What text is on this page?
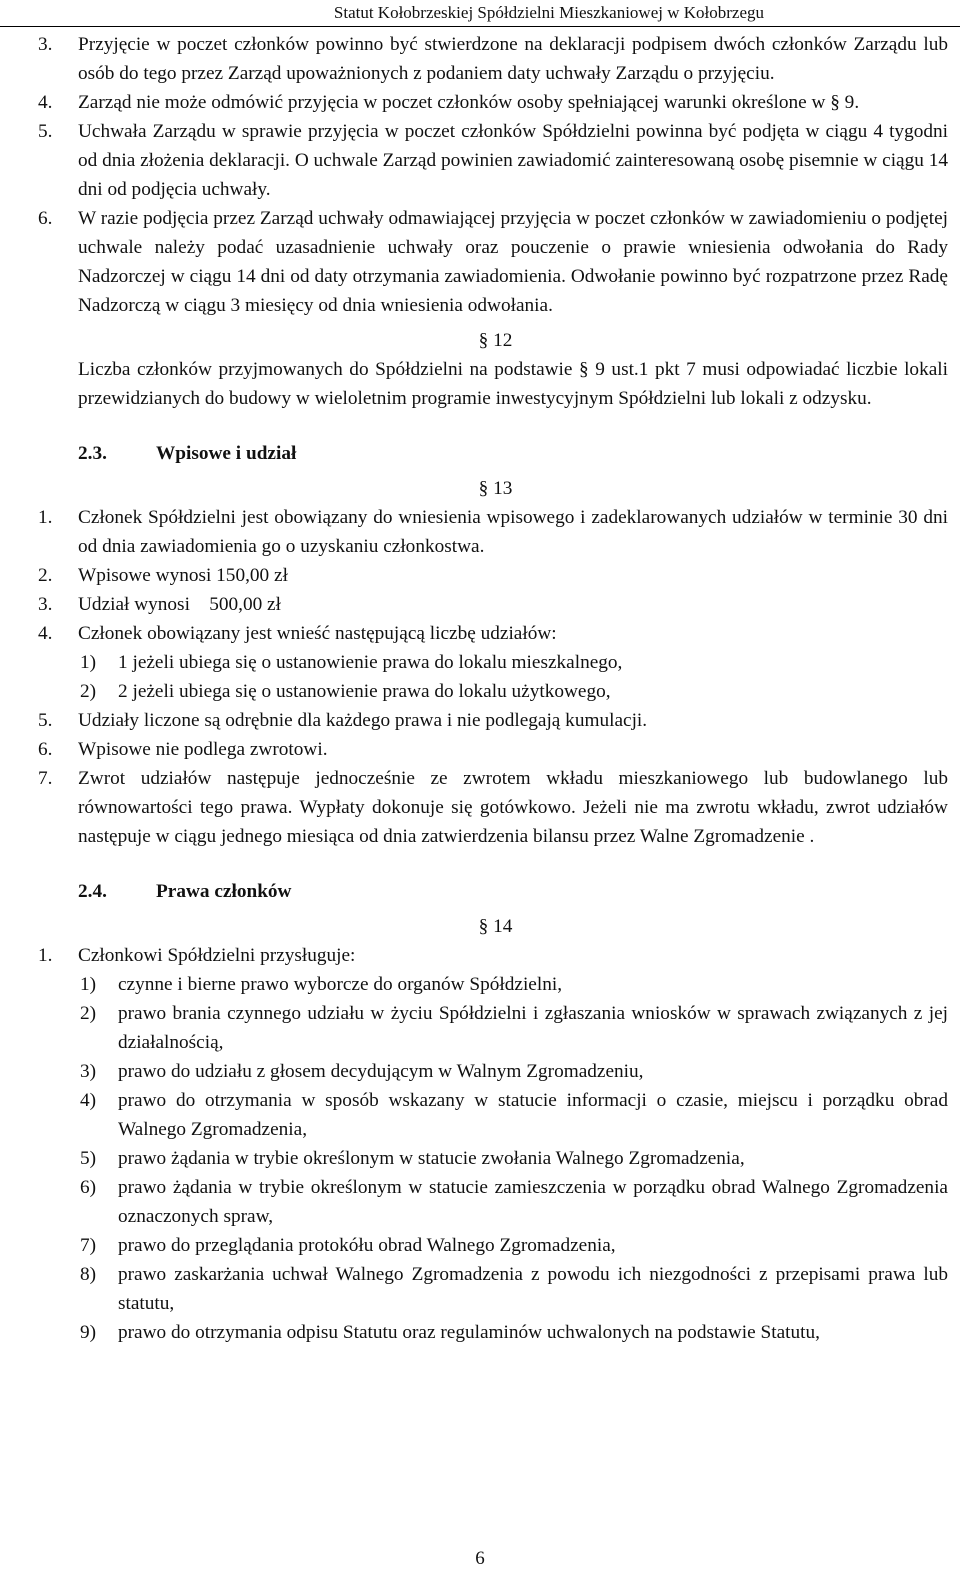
Statut Kołobrzeskiej Spółdzielni Mieszkaniowej w Kołobrzegu
3.	Przyjęcie w poczet członków powinno być stwierdzone na deklaracji podpisem dwóch członków Zarządu lub osób do tego przez Zarząd upoważnionych z podaniem daty uchwały Zarządu o przyjęciu.
4.	Zarząd nie może odmówić przyjęcia w poczet członków osoby spełniającej warunki określone w § 9.
5.	Uchwała Zarządu w sprawie przyjęcia w poczet członków Spółdzielni powinna być podjęta w ciągu 4 tygodni od dnia złożenia deklaracji. O uchwale Zarząd powinien zawiadomić zainteresowaną osobę pisemnie w ciągu 14 dni od podjęcia uchwały.
6.	W razie podjęcia przez Zarząd uchwały odmawiającej przyjęcia w poczet członków w zawiadomieniu o podjętej uchwale należy podać uzasadnienie uchwały oraz pouczenie o prawie wniesienia odwołania do Rady Nadzorczej w ciągu 14 dni od daty otrzymania zawiadomienia. Odwołanie powinno być rozpatrzone przez Radę Nadzorczą w ciągu 3 miesięcy od dnia wniesienia odwołania.
§ 12
Liczba członków przyjmowanych do Spółdzielni na podstawie § 9 ust.1 pkt 7 musi odpowiadać liczbie lokali przewidzianych do budowy w wieloletnim programie inwestycyjnym Spółdzielni lub lokali z odzysku.
2.3.	Wpisowe i udział
§ 13
1.	Członek Spółdzielni jest obowiązany do wniesienia wpisowego i zadeklarowanych udziałów w terminie 30 dni od dnia zawiadomienia go o uzyskaniu członkostwa.
2.	Wpisowe wynosi 150,00 zł
3.	Udział wynosi    500,00 zł
4.	Członek obowiązany jest wnieść następującą liczbę udziałów:
1)	1 jeżeli ubiega się o ustanowienie prawa do lokalu mieszkalnego,
2)	2 jeżeli ubiega się o ustanowienie prawa do lokalu użytkowego,
5.	Udziały liczone są odrębnie dla każdego prawa i nie podlegają kumulacji.
6.	Wpisowe nie podlega zwrotowi.
7.	Zwrot udziałów następuje jednocześnie ze zwrotem wkładu mieszkaniowego lub budowlanego lub równowartości tego prawa. Wypłaty dokonuje się gotówkowo. Jeżeli nie ma zwrotu wkładu, zwrot udziałów następuje w ciągu jednego miesiąca od dnia zatwierdzenia bilansu przez Walne Zgromadzenie .
2.4.	Prawa członków
§ 14
1.	Członkowi Spółdzielni przysługuje:
1)	czynne i bierne prawo wyborcze do organów Spółdzielni,
2)	prawo brania czynnego udziału w życiu Spółdzielni i zgłaszania wniosków w sprawach związanych z jej działalnością,
3)	prawo do udziału z głosem decydującym w Walnym Zgromadzeniu,
4)	prawo do otrzymania w sposób wskazany w statucie informacji o czasie, miejscu i porządku obrad Walnego Zgromadzenia,
5)	prawo żądania w trybie określonym w statucie zwołania Walnego Zgromadzenia,
6)	prawo żądania w trybie określonym w statucie zamieszczenia w porządku obrad Walnego Zgromadzenia oznaczonych spraw,
7)	prawo do przeglądania protokółu obrad Walnego Zgromadzenia,
8)	prawo zaskarżania uchwał Walnego Zgromadzenia z powodu ich niezgodności z przepisami prawa lub statutu,
9)	prawo do otrzymania odpisu Statutu oraz regulaminów uchwalonych na podstawie Statutu,
6
